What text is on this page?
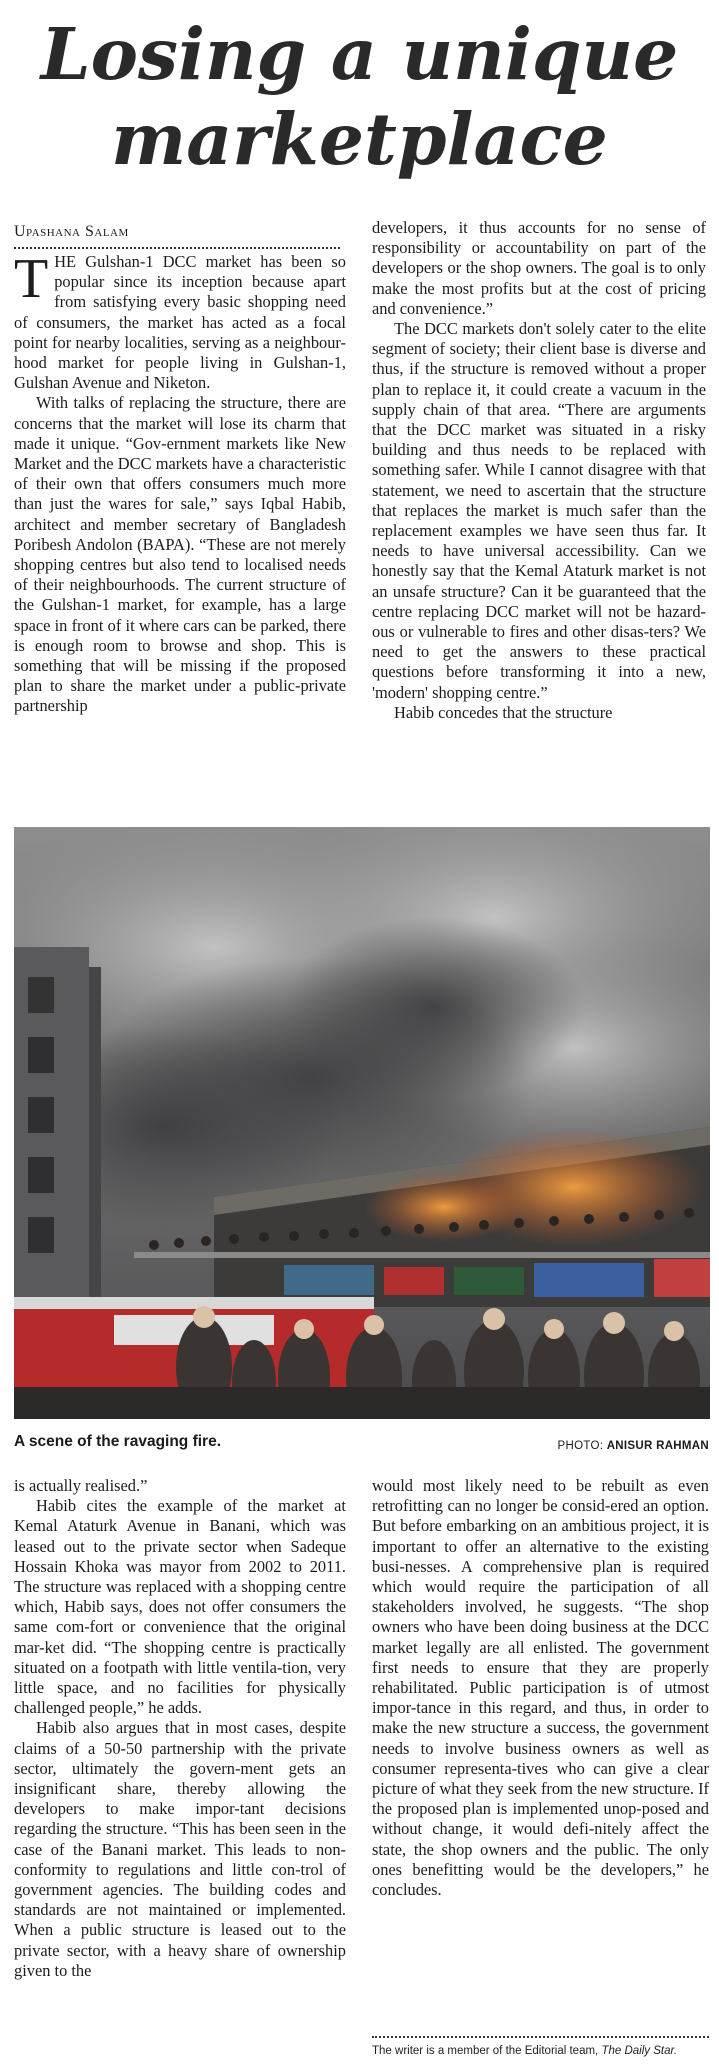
Losing a unique
marketplace
Upashana Salam

THE Gulshan-1 DCC market has been so popular since its inception because apart from satisfying every basic shopping need of consumers, the market has acted as a focal point for nearby localities, serving as a neighbour-hood market for people living in Gulshan-1, Gulshan Avenue and Niketon.

With talks of replacing the structure, there are concerns that the market will lose its charm that made it unique. “Gov-ernment markets like New Market and the DCC markets have a characteristic of their own that offers consumers much more than just the wares for sale,” says Iqbal Habib, architect and member secretary of Bangladesh Poribesh Andolon (BAPA). “These are not merely shopping centres but also tend to localised needs of their neighbourhoods. The current structure of the Gulshan-1 market, for example, has a large space in front of it where cars can be parked, there is enough room to browse and shop. This is something that will be missing if the proposed plan to share the market under a public-private partnership

developers, it thus accounts for no sense of responsibility or accountability on part of the developers or the shop owners. The goal is to only make the most profits but at the cost of pricing and convenience.”

The DCC markets don't solely cater to the elite segment of society; their client base is diverse and thus, if the structure is removed without a proper plan to replace it, it could create a vacuum in the supply chain of that area. “There are arguments that the DCC market was situated in a risky building and thus needs to be replaced with something safer. While I cannot disagree with that statement, we need to ascertain that the structure that replaces the market is much safer than the replacement examples we have seen thus far. It needs to have universal accessibility. Can we honestly say that the Kemal Ataturk market is not an unsafe structure? Can it be guaranteed that the centre replacing DCC market will not be hazard-ous or vulnerable to fires and other disas-ters? We need to get the answers to these practical questions before transforming it into a new, 'modern' shopping centre.”

Habib concedes that the structure

A scene of the ravaging fire.	PHOTO: ANISUR RAHMAN

is actually realised.”

Habib cites the example of the market at Kemal Ataturk Avenue in Banani, which was leased out to the private sector when Sadeque Hossain Khoka was mayor from 2002 to 2011. The structure was replaced with a shopping centre which, Habib says, does not offer consumers the same com-fort or convenience that the original mar-ket did. “The shopping centre is practically situated on a footpath with little ventila-tion, very little space, and no facilities for physically challenged people,” he adds.

Habib also argues that in most cases, despite claims of a 50-50 partnership with the private sector, ultimately the govern-ment gets an insignificant share, thereby allowing the developers to make impor-tant decisions regarding the structure. “This has been seen in the case of the Banani market. This leads to non-conformity to regulations and little con-trol of government agencies. The building codes and standards are not maintained or implemented. When a public structure is leased out to the private sector, with a heavy share of ownership given to the

would most likely need to be rebuilt as even retrofitting can no longer be consid-ered an option. But before embarking on an ambitious project, it is important to offer an alternative to the existing busi-nesses. A comprehensive plan is required which would require the participation of all stakeholders involved, he suggests. “The shop owners who have been doing business at the DCC market legally are all enlisted. The government first needs to ensure that they are properly rehabilitated. Public participation is of utmost impor-tance in this regard, and thus, in order to make the new structure a success, the government needs to involve business owners as well as consumer representa-tives who can give a clear picture of what they seek from the new structure. If the proposed plan is implemented unop-posed and without change, it would defi-nitely affect the state, the shop owners and the public. The only ones benefitting would be the developers,” he concludes.

The writer is a member of the Editorial team, The Daily Star.
